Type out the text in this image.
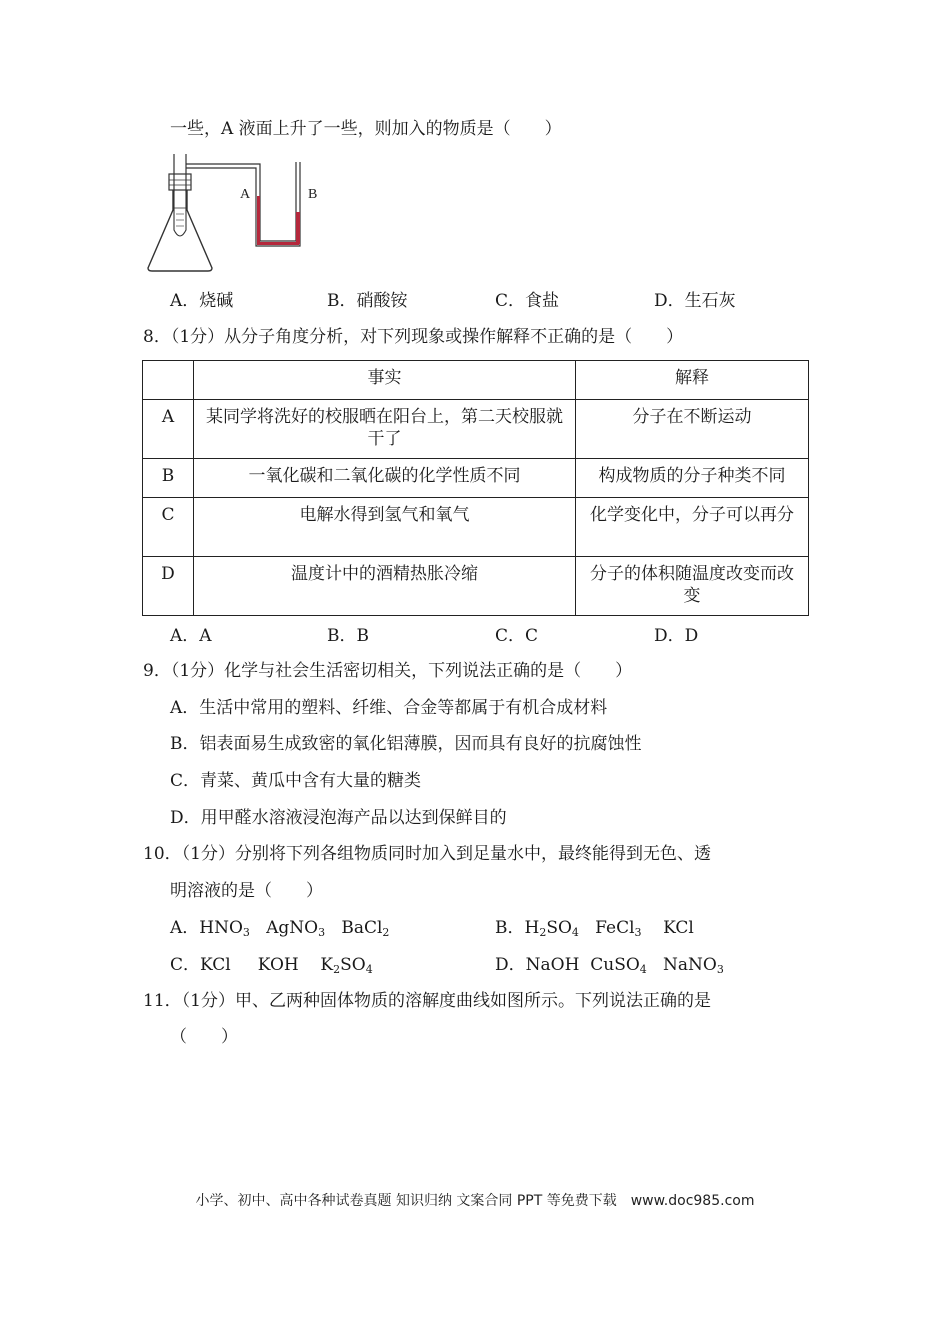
一些，A 液面上升了一些，则加入的物质是（　　）
A	B
A．烧碱	B．硝酸铵	C．食盐	D．生石灰
8．（1分）从分子角度分析，对下列现象或操作解释不正确的是（　　）
	事实	解释
A	某同学将洗好的校服晒在阳台上，第二天校服就干了	分子在不断运动
B	一氧化碳和二氧化碳的化学性质不同	构成物质的分子种类不同
C	电解水得到氢气和氧气	化学变化中，分子可以再分
D	温度计中的酒精热胀冷缩	分子的体积随温度改变而改变
A．A	B．B	C．C	D．D
9．（1分）化学与社会生活密切相关，下列说法正确的是（　　）
A．生活中常用的塑料、纤维、合金等都属于有机合成材料
B．铝表面易生成致密的氧化铝薄膜，因而具有良好的抗腐蚀性
C．青菜、黄瓜中含有大量的糖类
D．用甲醛水溶液浸泡海产品以达到保鲜目的
10．（1分）分别将下列各组物质同时加入到足量水中，最终能得到无色、透
明溶液的是（　　）
A．$HNO_3$ AgNO$_3$ BaCl$_2$	B．$H_2SO_4$ FeCl$_3$ KCl
C．KCl KOH $K_2SO_4$	D．NaOH CuSO$_4$ NaNO$_3$
11．（1分）甲、乙两种固体物质的溶解度曲线如图所示。下列说法正确的是
（　　）
小学、初中、高中各种试卷真题 知识归纳 文案合同 PPT 等免费下载　www.doc985.com
